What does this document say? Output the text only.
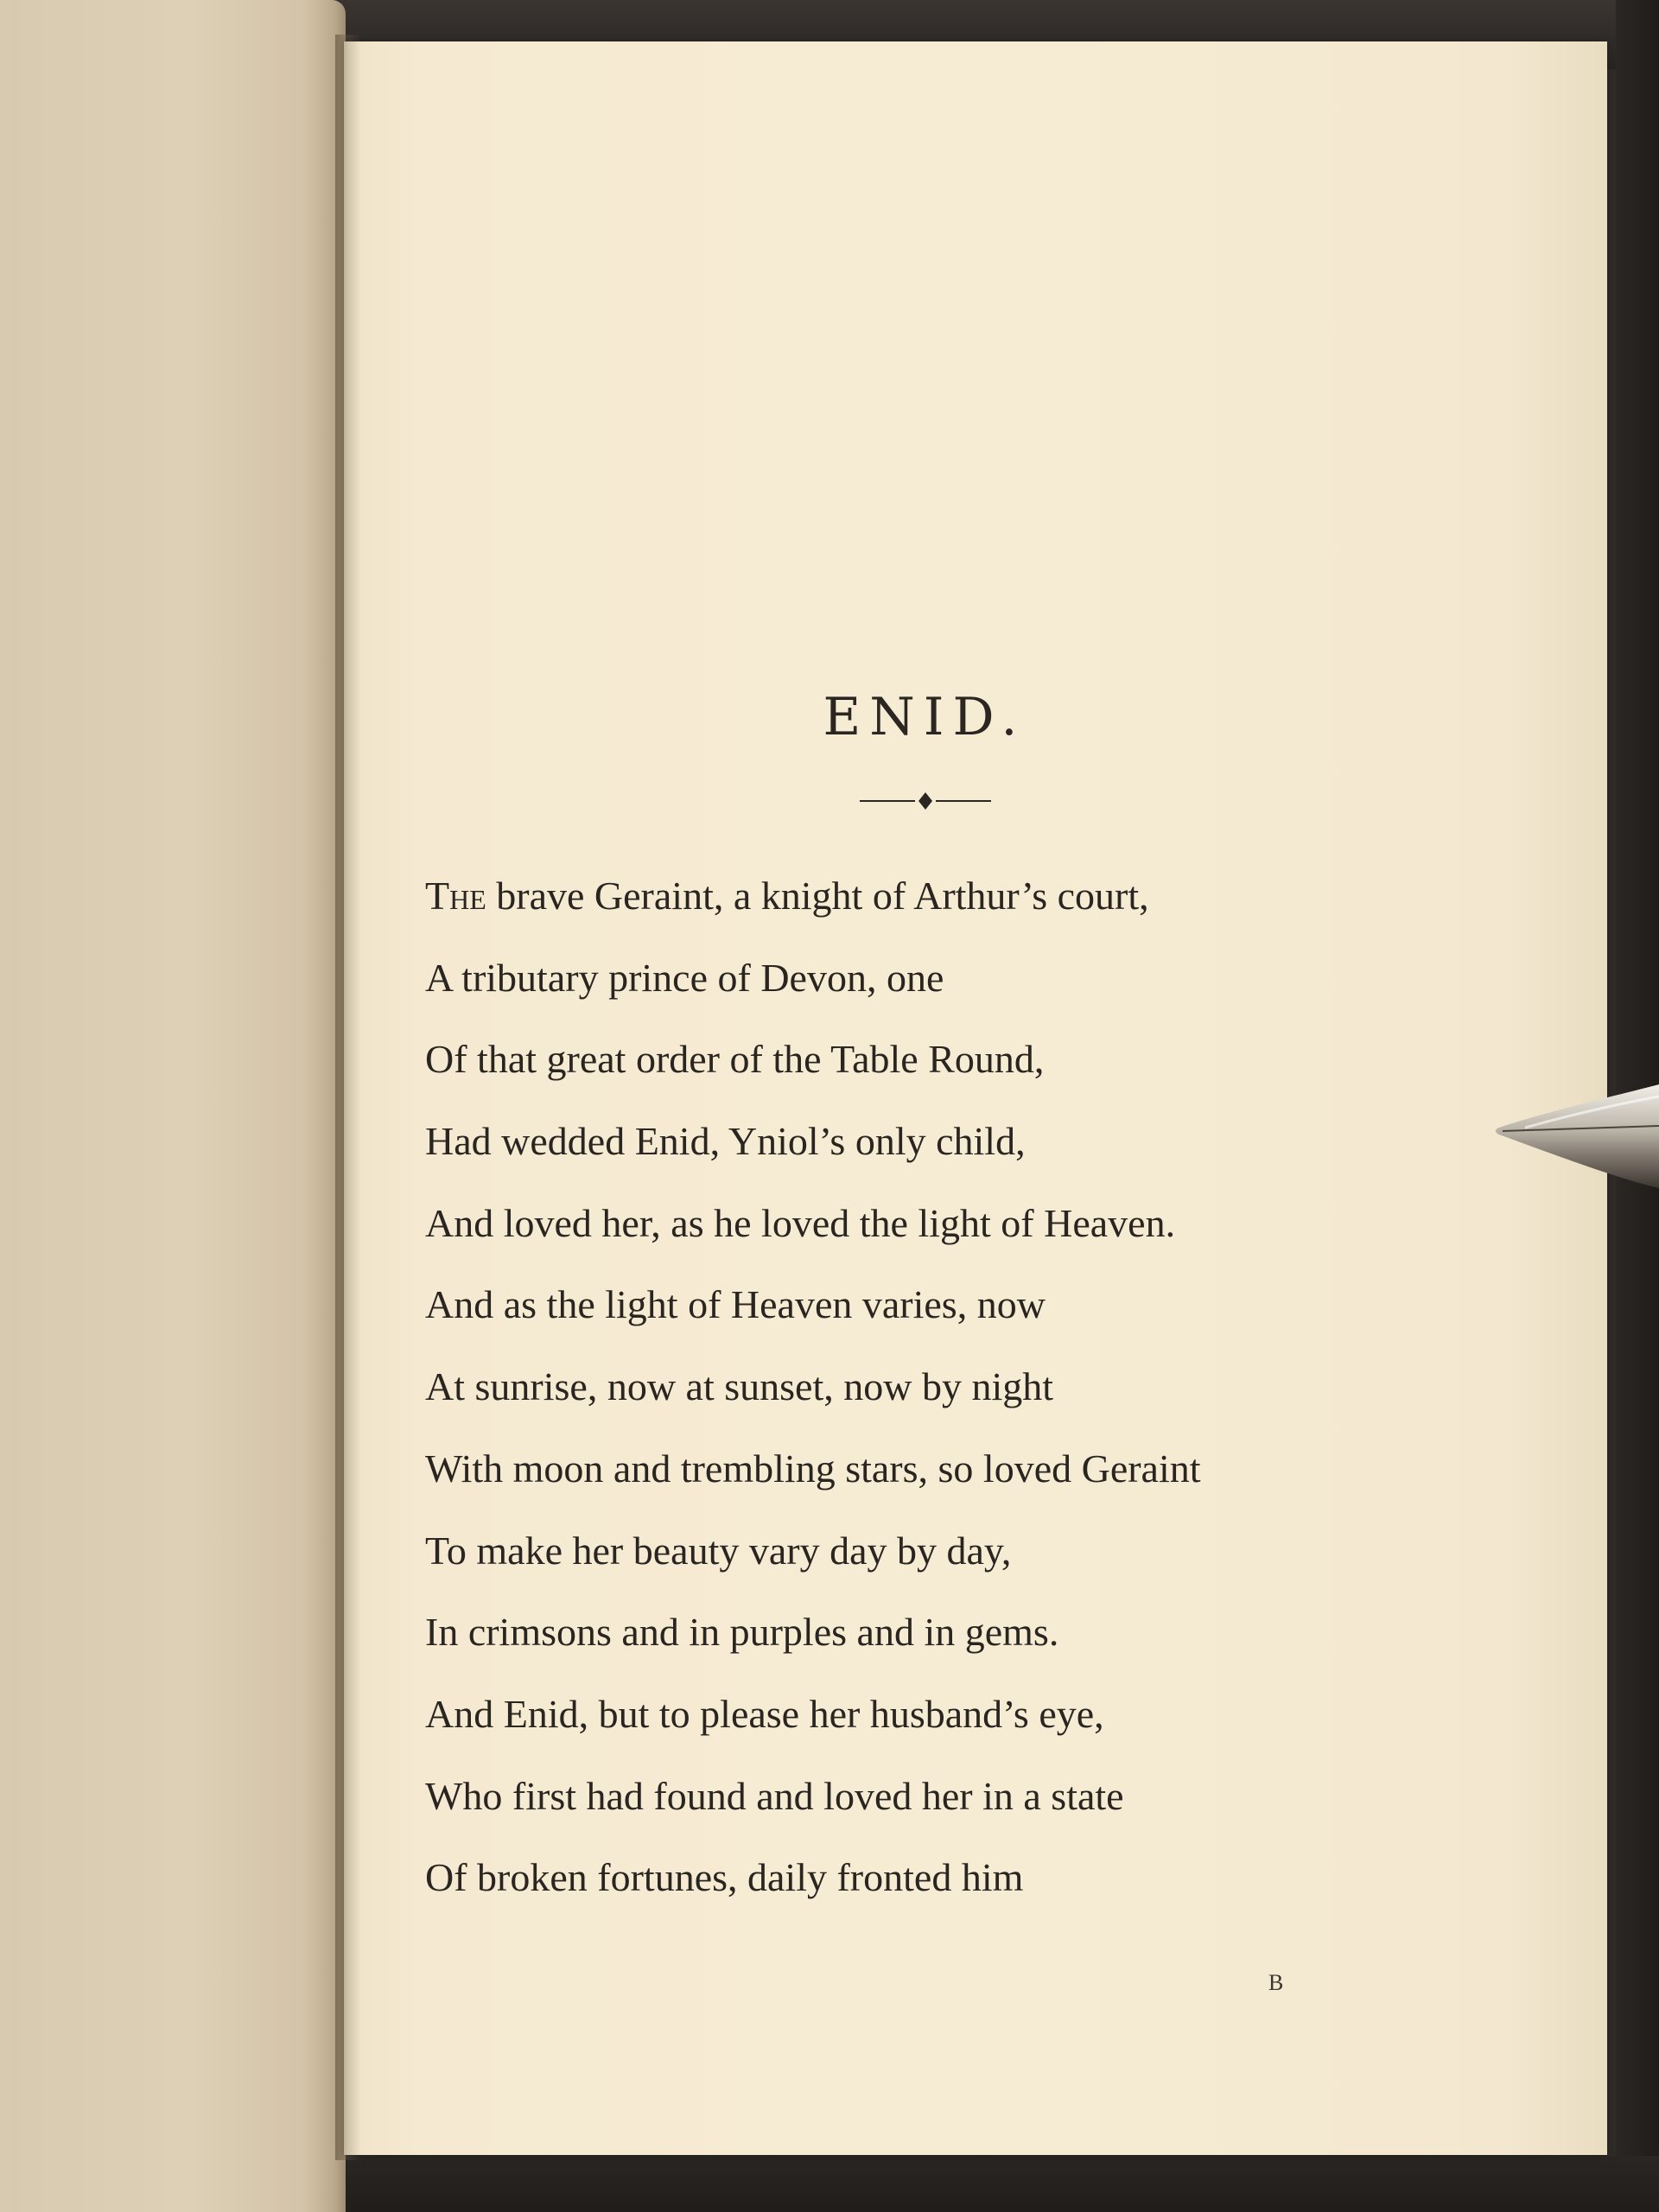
ENID.
The brave Geraint, a knight of Arthur’s court,
A tributary prince of Devon, one
Of that great order of the Table Round,
Had wedded Enid, Yniol’s only child,
And loved her, as he loved the light of Heaven.
And as the light of Heaven varies, now
At sunrise, now at sunset, now by night
With moon and trembling stars, so loved Geraint
To make her beauty vary day by day,
In crimsons and in purples and in gems.
And Enid, but to please her husband’s eye,
Who first had found and loved her in a state
Of broken fortunes, daily fronted him
B
